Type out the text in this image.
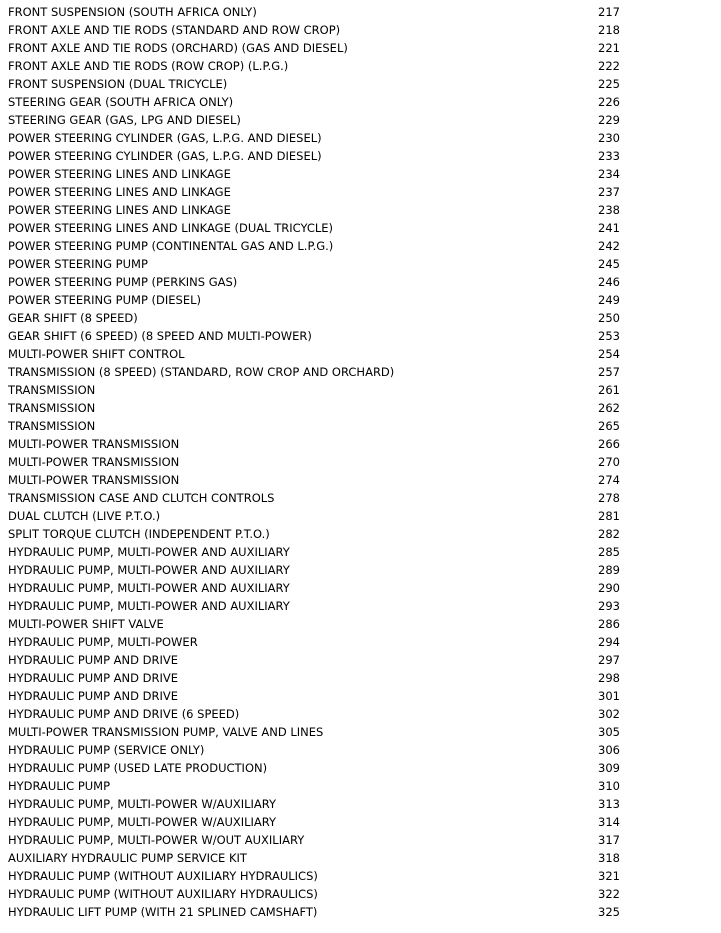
FRONT SUSPENSION (SOUTH AFRICA ONLY)	217
FRONT AXLE AND TIE RODS (STANDARD AND ROW CROP)	218
FRONT AXLE AND TIE RODS (ORCHARD) (GAS AND DIESEL)	221
FRONT AXLE AND TIE RODS (ROW CROP) (L.P.G.)	222
FRONT SUSPENSION (DUAL TRICYCLE)	225
STEERING GEAR (SOUTH AFRICA ONLY)	226
STEERING GEAR (GAS, LPG AND DIESEL)	229
POWER STEERING CYLINDER (GAS, L.P.G. AND DIESEL)	230
POWER STEERING CYLINDER (GAS, L.P.G. AND DIESEL)	233
POWER STEERING LINES AND LINKAGE	234
POWER STEERING LINES AND LINKAGE	237
POWER STEERING LINES AND LINKAGE	238
POWER STEERING LINES AND LINKAGE (DUAL TRICYCLE)	241
POWER STEERING PUMP (CONTINENTAL GAS AND L.P.G.)	242
POWER STEERING PUMP	245
POWER STEERING PUMP (PERKINS GAS)	246
POWER STEERING PUMP (DIESEL)	249
GEAR SHIFT (8 SPEED)	250
GEAR SHIFT (6 SPEED) (8 SPEED AND MULTI-POWER)	253
MULTI-POWER SHIFT CONTROL	254
TRANSMISSION (8 SPEED) (STANDARD, ROW CROP AND ORCHARD)	257
TRANSMISSION	261
TRANSMISSION	262
TRANSMISSION	265
MULTI-POWER TRANSMISSION	266
MULTI-POWER TRANSMISSION	270
MULTI-POWER TRANSMISSION	274
TRANSMISSION CASE AND CLUTCH CONTROLS	278
DUAL CLUTCH (LIVE P.T.O.)	281
SPLIT TORQUE CLUTCH (INDEPENDENT P.T.O.)	282
HYDRAULIC PUMP, MULTI-POWER AND AUXILIARY	285
HYDRAULIC PUMP, MULTI-POWER AND AUXILIARY	289
HYDRAULIC PUMP, MULTI-POWER AND AUXILIARY	290
HYDRAULIC PUMP, MULTI-POWER AND AUXILIARY	293
MULTI-POWER SHIFT VALVE	286
HYDRAULIC PUMP, MULTI-POWER	294
HYDRAULIC PUMP AND DRIVE	297
HYDRAULIC PUMP AND DRIVE	298
HYDRAULIC PUMP AND DRIVE	301
HYDRAULIC PUMP AND DRIVE (6 SPEED)	302
MULTI-POWER TRANSMISSION PUMP, VALVE AND LINES	305
HYDRAULIC PUMP (SERVICE ONLY)	306
HYDRAULIC PUMP (USED LATE PRODUCTION)	309
HYDRAULIC PUMP	310
HYDRAULIC PUMP, MULTI-POWER W/AUXILIARY	313
HYDRAULIC PUMP, MULTI-POWER W/AUXILIARY	314
HYDRAULIC PUMP, MULTI-POWER W/OUT AUXILIARY	317
AUXILIARY HYDRAULIC PUMP SERVICE KIT	318
HYDRAULIC PUMP (WITHOUT AUXILIARY HYDRAULICS)	321
HYDRAULIC PUMP (WITHOUT AUXILIARY HYDRAULICS)	322
HYDRAULIC LIFT PUMP (WITH 21 SPLINED CAMSHAFT)	325
